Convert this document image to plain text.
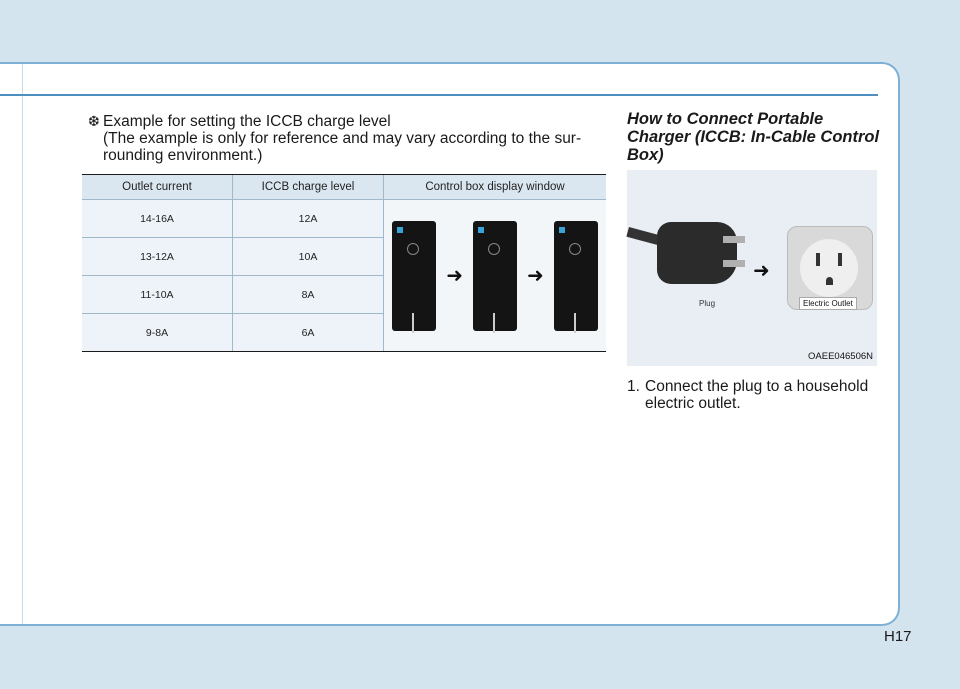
❆ Example for setting the ICCB charge level
(The example is only for reference and may vary according to the sur-
rounding environment.)
Outlet current	ICCB charge level	Control box display window
14-16A	12A	➜ ➜

13-12A	10A	
11-10A	8A	
9-8A	6A	
How to Connect Portable Charger (ICCB: In-Cable Control Box)
➜
Plug	Electric Outlet
OAEE046506N
1. Connect the plug to a household
electric outlet.
H17
